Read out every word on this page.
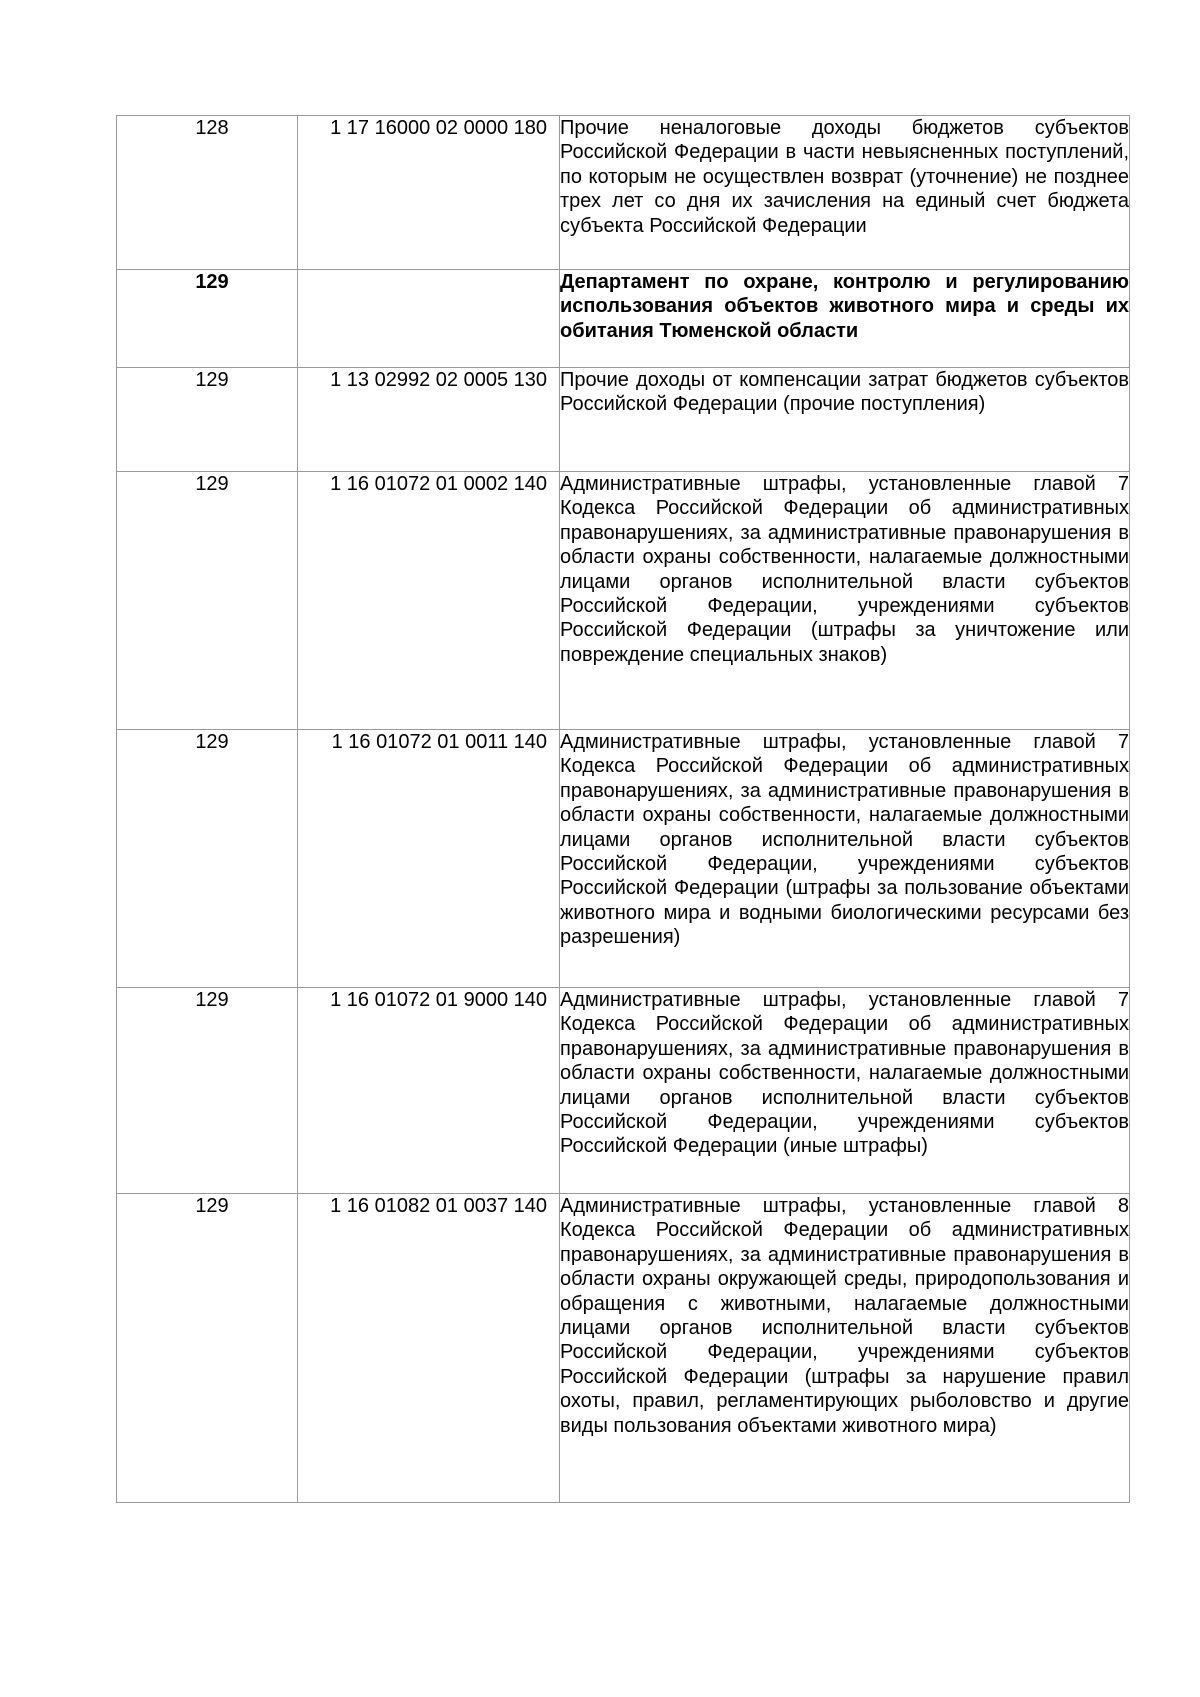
128	1 17 16000 02 0000 180	Прочие неналоговые доходы бюджетов субъектов Российской Федерации в части невыясненных поступлений, по которым не осуществлен возврат (уточнение) не позднее трех лет со дня их зачисления на единый счет бюджета субъекта Российской Федерации

129		Департамент по охране, контролю и регулированию использования объектов животного мира и среды их обитания Тюменской области

129	1 13 02992 02 0005 130	Прочие доходы от компенсации затрат бюджетов субъектов Российской Федерации (прочие поступления)

129	1 16 01072 01 0002 140	Административные штрафы, установленные главой 7 Кодекса Российской Федерации об административных правонарушениях, за административные правонарушения в области охраны собственности, налагаемые должностными лицами органов исполнительной власти субъектов Российской Федерации, учреждениями субъектов Российской Федерации (штрафы за уничтожение или повреждение специальных знаков)

129	1 16 01072 01 0011 140	Административные штрафы, установленные главой 7 Кодекса Российской Федерации об административных правонарушениях, за административные правонарушения в области охраны собственности, налагаемые должностными лицами органов исполнительной власти субъектов Российской Федерации, учреждениями субъектов Российской Федерации (штрафы за пользование объектами животного мира и водными биологическими ресурсами без разрешения)

129	1 16 01072 01 9000 140	Административные штрафы, установленные главой 7 Кодекса Российской Федерации об административных правонарушениях, за административные правонарушения в области охраны собственности, налагаемые должностными лицами органов исполнительной власти субъектов Российской Федерации, учреждениями субъектов Российской Федерации (иные штрафы)

129	1 16 01082 01 0037 140	Административные штрафы, установленные главой 8 Кодекса Российской Федерации об административных правонарушениях, за административные правонарушения в области охраны окружающей среды, природопользования и обращения с животными, налагаемые должностными лицами органов исполнительной власти субъектов Российской Федерации, учреждениями субъектов Российской Федерации (штрафы за нарушение правил охоты, правил, регламентирующих рыболовство и другие виды пользования объектами животного мира)
